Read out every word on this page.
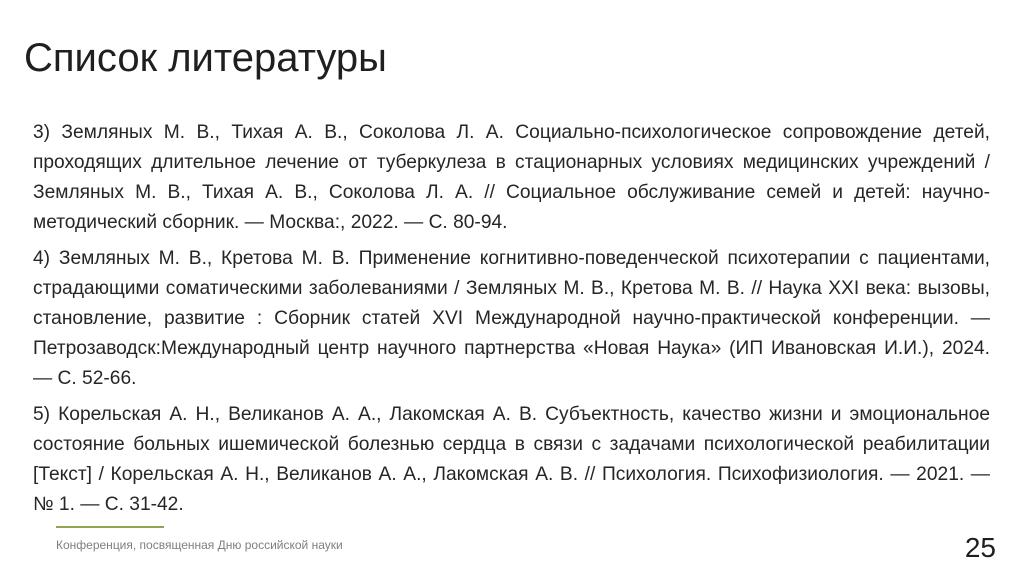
Список литературы

3) Земляных М. В., Тихая А. В., Соколова Л. А. Социально-психологическое сопровождение детей, проходящих длительное лечение от туберкулеза в стационарных условиях медицинских учреждений / Земляных М. В., Тихая А. В., Соколова Л. А. // Социальное обслуживание семей и детей: научно-методический сборник. — Москва:, 2022. — С. 80-94.

4) Земляных М. В., Кретова М. В. Применение когнитивно-поведенческой психотерапии с пациентами, страдающими соматическими заболеваниями / Земляных М. В., Кретова М. В. // Наука XXI века: вызовы, становление, развитие : Сборник статей XVI Международной научно-практической конференции. — Петрозаводск:Международный центр научного партнерства «Новая Наука» (ИП Ивановская И.И.), 2024. — С. 52-66.

5) Корельская А. Н., Великанов А. А., Лакомская А. В. Субъектность, качество жизни и эмоциональное состояние больных ишемической болезнью сердца в связи с задачами психологической реабилитации [Текст] / Корельская А. Н., Великанов А. А., Лакомская А. В. // Психология. Психофизиология. — 2021. — № 1. — С. 31-42.

Конференция, посвященная Дню российской науки	25
